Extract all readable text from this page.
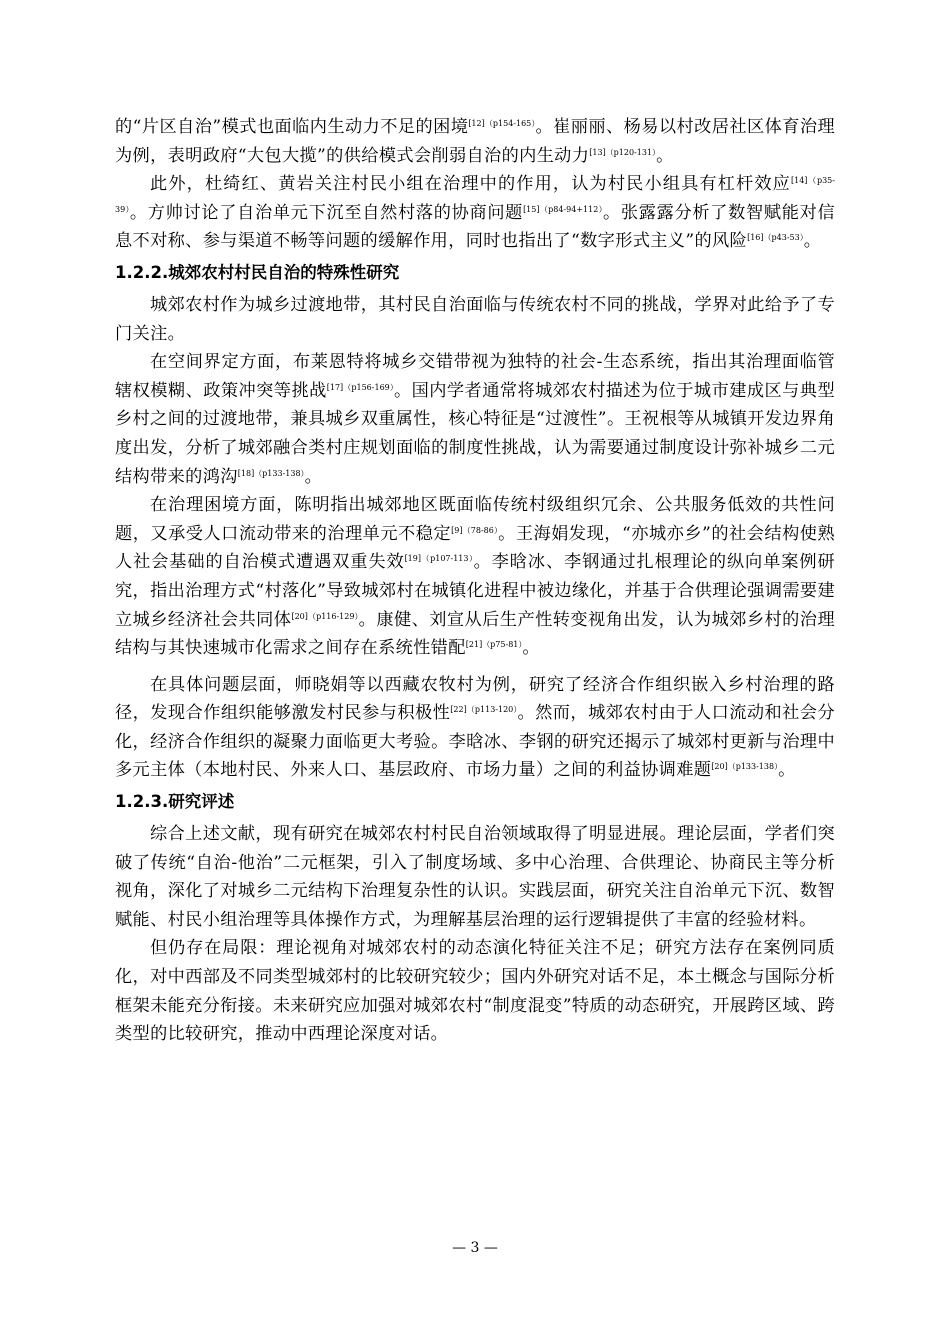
的“片区自治”模式也面临内生动力不足的困境$^{[12](p154-165)}$。崔丽丽、杨易以村改居社区体育治理为例，表明政府“大包大揽”的供给模式会削弱自治的内生动力$^{[13](p120-131)}$。

此外，杜绮红、黄岩关注村民小组在治理中的作用，认为村民小组具有杠杆效应$^{[14](p35-39)}$。方帅讨论了自治单元下沉至自然村落的协商问题$^{[15](p84-94+112)}$。张露露分析了数智赋能对信息不对称、参与渠道不畅等问题的缓解作用，同时也指出了“数字形式主义”的风险$^{[16](p43-53)}$。

1.2.2.城郊农村村民自治的特殊性研究

城郊农村作为城乡过渡地带，其村民自治面临与传统农村不同的挑战，学界对此给予了专门关注。

在空间界定方面，布莱恩特将城乡交错带视为独特的社会-生态系统，指出其治理面临管辖权模糊、政策冲突等挑战$^{[17](p156-169)}$。国内学者通常将城郊农村描述为位于城市建成区与典型乡村之间的过渡地带，兼具城乡双重属性，核心特征是“过渡性”。王祝根等从城镇开发边界角度出发，分析了城郊融合类村庄规划面临的制度性挑战，认为需要通过制度设计弥补城乡二元结构带来的鸿沟$^{[18](p133-138)}$。

在治理困境方面，陈明指出城郊地区既面临传统村级组织冗余、公共服务低效的共性问题，又承受人口流动带来的治理单元不稳定$^{[9](78-86)}$。王海娟发现，“亦城亦乡”的社会结构使熟人社会基础的自治模式遭遇双重失效$^{[19](p107-113)}$。李晗冰、李钢通过扎根理论的纵向单案例研究，指出治理方式“村落化”导致城郊村在城镇化进程中被边缘化，并基于合供理论强调需要建立城乡经济社会共同体$^{[20](p116-129)}$。康健、刘宣从后生产性转变视角出发，认为城郊乡村的治理结构与其快速城市化需求之间存在系统性错配$^{[21](p75-81)}$。

在具体问题层面，师晓娟等以西藏农牧村为例，研究了经济合作组织嵌入乡村治理的路径，发现合作组织能够激发村民参与积极性$^{[22](p113-120)}$。然而，城郊农村由于人口流动和社会分化，经济合作组织的凝聚力面临更大考验。李晗冰、李钢的研究还揭示了城郊村更新与治理中多元主体（本地村民、外来人口、基层政府、市场力量）之间的利益协调难题$^{[20](p133-138)}$。

1.2.3.研究评述

综合上述文献，现有研究在城郊农村村民自治领域取得了明显进展。理论层面，学者们突破了传统“自治-他治”二元框架，引入了制度场域、多中心治理、合供理论、协商民主等分析视角，深化了对城乡二元结构下治理复杂性的认识。实践层面，研究关注自治单元下沉、数智赋能、村民小组治理等具体操作方式，为理解基层治理的运行逻辑提供了丰富的经验材料。

但仍存在局限：理论视角对城郊农村的动态演化特征关注不足；研究方法存在案例同质化，对中西部及不同类型城郊村的比较研究较少；国内外研究对话不足，本土概念与国际分析框架未能充分衔接。未来研究应加强对城郊农村“制度混变”特质的动态研究，开展跨区域、跨类型的比较研究，推动中西理论深度对话。

— 3 —
